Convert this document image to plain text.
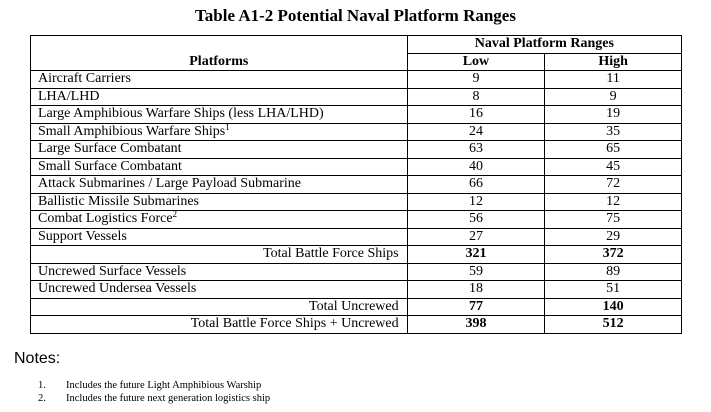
Table A1-2 Potential Naval Platform Ranges
Platforms	Naval Platform Ranges	
	Low	High
Aircraft Carriers	9	11
LHA/LHD	8	9
Large Amphibious Warfare Ships (less LHA/LHD)	16	19
Small Amphibious Warfare Ships$^1$	24	35
Large Surface Combatant	63	65
Small Surface Combatant	40	45
Attack Submarines / Large Payload Submarine	66	72
Ballistic Missile Submarines	12	12
Combat Logistics Force$^2$	56	75
Support Vessels	27	29
Total Battle Force Ships	321	372
Uncrewed Surface Vessels	59	89
Uncrewed Undersea Vessels	18	51
Total Uncrewed	77	140
Total Battle Force Ships + Uncrewed	398	512
Notes:
1. Includes the future Light Amphibious Warship
2. Includes the future next generation logistics ship
